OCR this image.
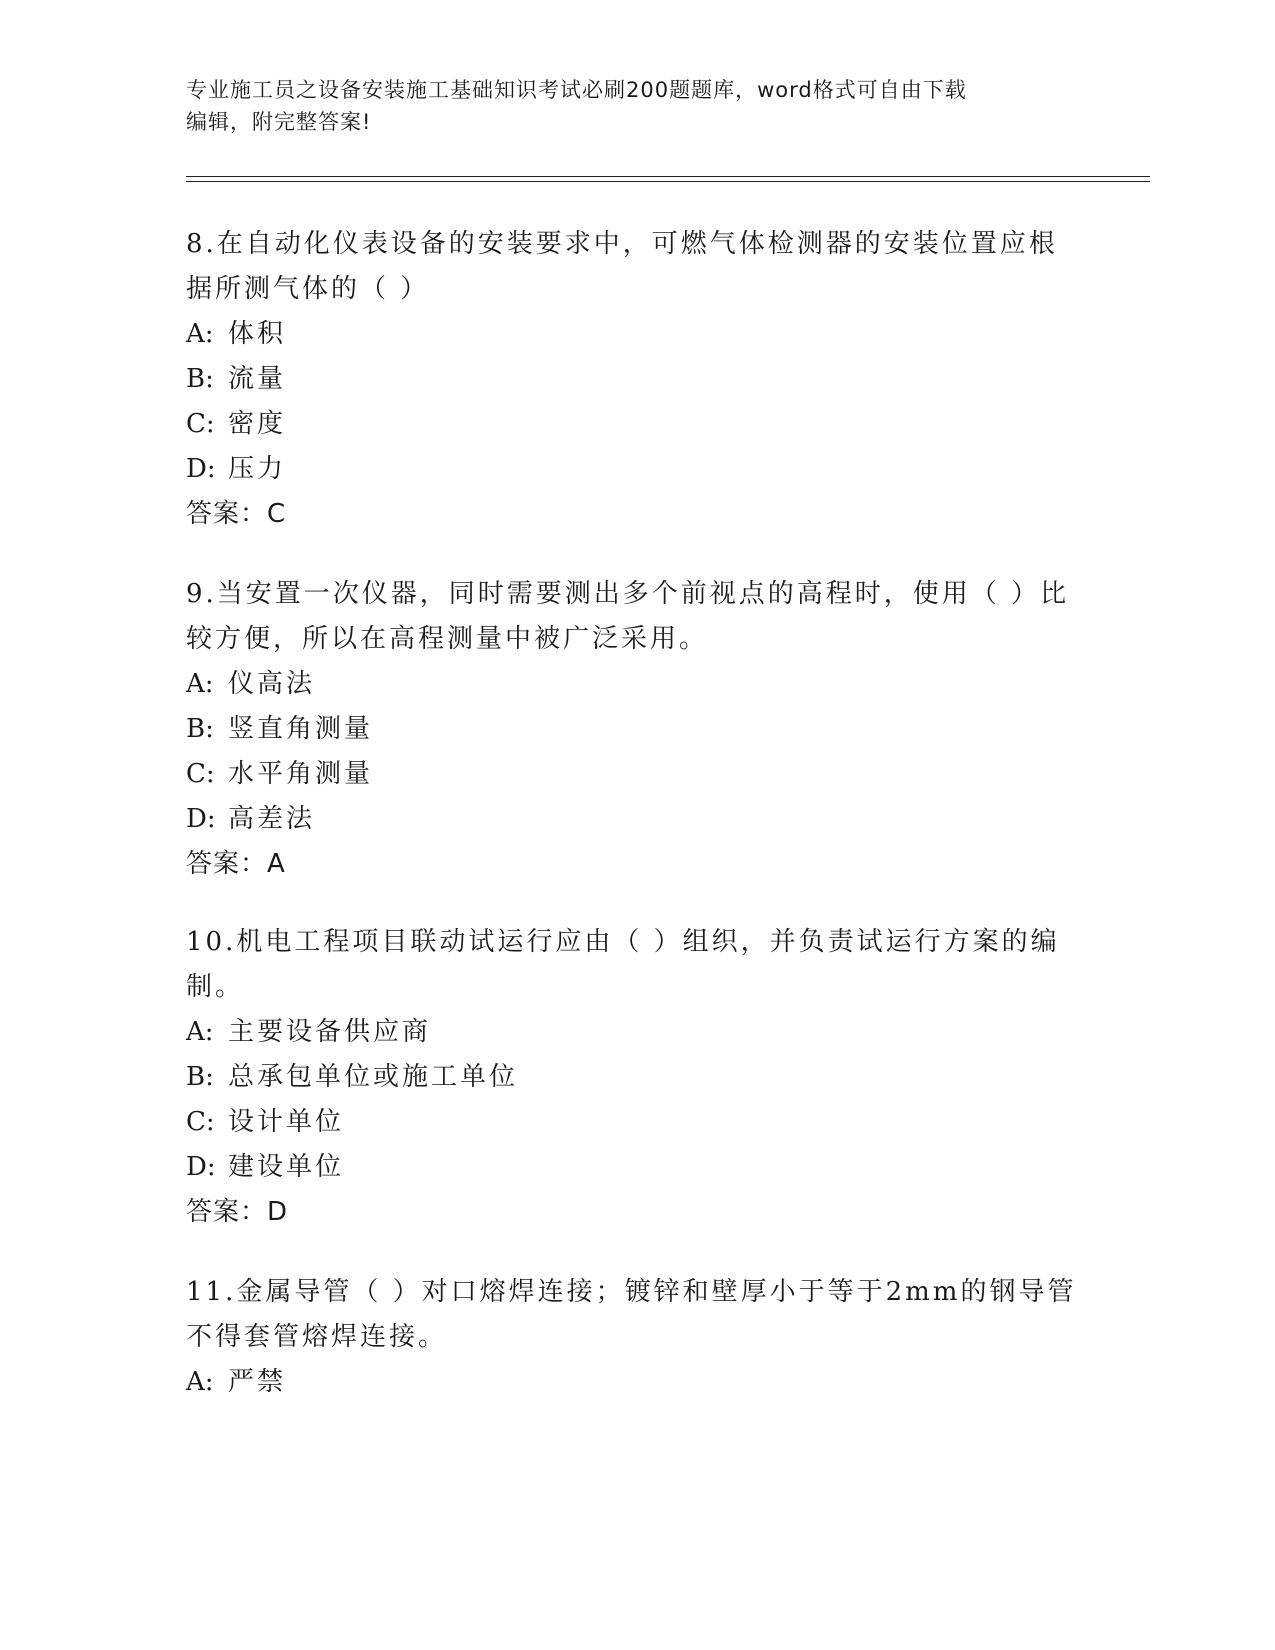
专业施工员之设备安装施工基础知识考试必刷200题题库，word格式可自由下载
编辑，附完整答案!
8.在自动化仪表设备的安装要求中，可燃气体检测器的安装位置应根
据所测气体的（ ）
A: 体积
B: 流量
C: 密度
D: 压力
答案：C
9.当安置一次仪器，同时需要测出多个前视点的高程时，使用（ ）比
较方便，所以在高程测量中被广泛采用。
A: 仪高法
B: 竖直角测量
C: 水平角测量
D: 高差法
答案：A
10.机电工程项目联动试运行应由（ ）组织，并负责试运行方案的编
制。
A: 主要设备供应商
B: 总承包单位或施工单位
C: 设计单位
D: 建设单位
答案：D
11.金属导管（ ）对口熔焊连接；镀锌和壁厚小于等于2mm的钢导管
不得套管熔焊连接。
A: 严禁
